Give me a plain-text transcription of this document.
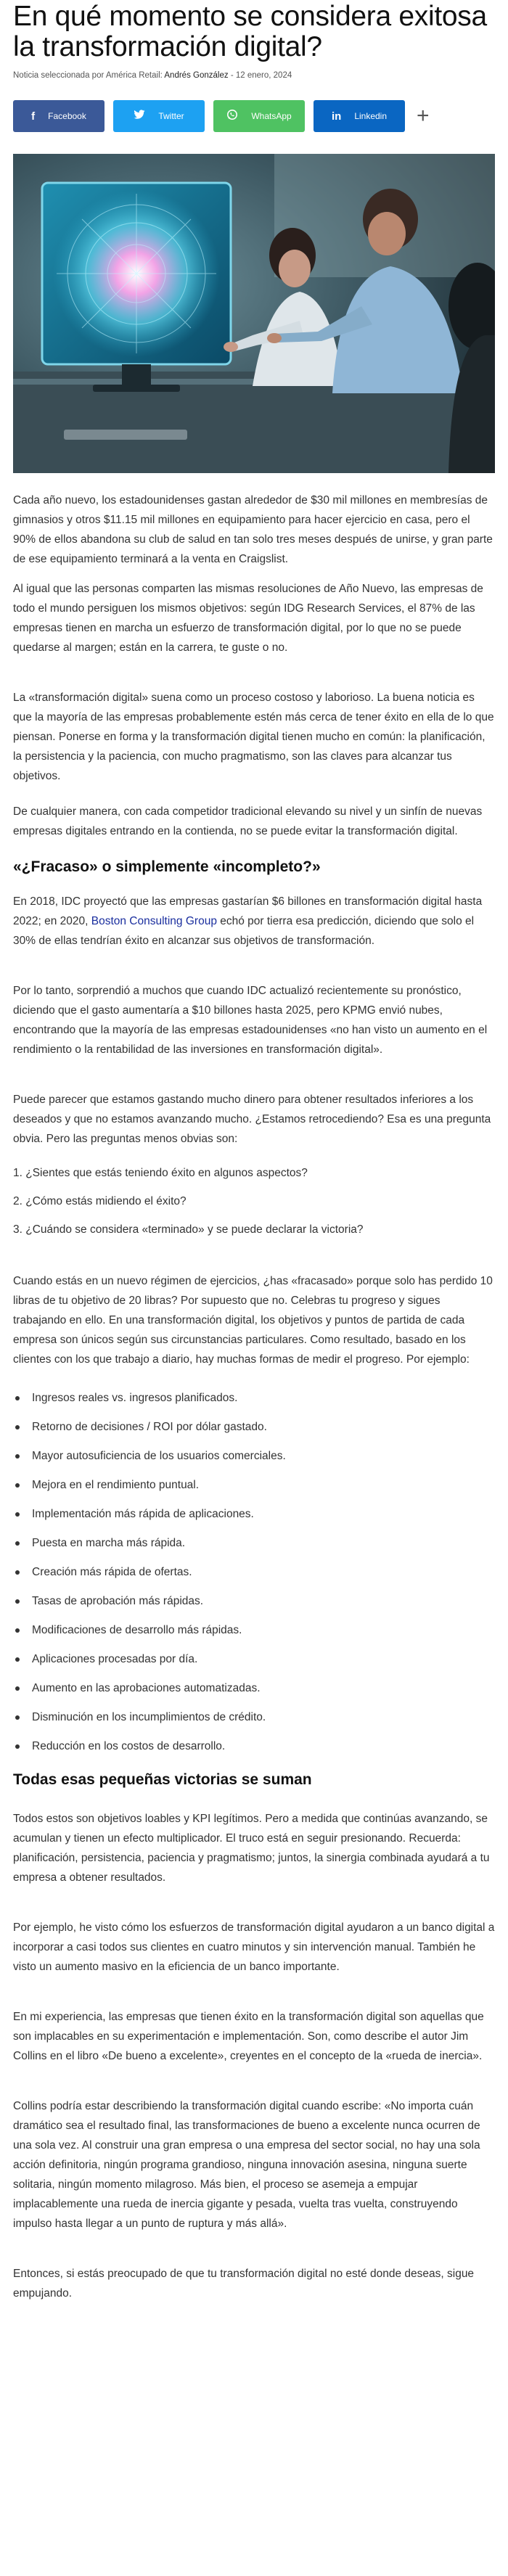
En qué momento se considera exitosa la transformación digital?
Noticia seleccionada por América Retail: Andrés González - 12 enero, 2024
f Facebook	Twitter	WhatsApp	in Linkedin +

Cada año nuevo, los estadounidenses gastan alrededor de $30 mil millones en membresías de gimnasios y otros $11.15 mil millones en equipamiento para hacer ejercicio en casa, pero el 90% de ellos abandona su club de salud en tan solo tres meses después de unirse, y gran parte de ese equipamiento terminará a la venta en Craigslist.

Al igual que las personas comparten las mismas resoluciones de Año Nuevo, las empresas de todo el mundo persiguen los mismos objetivos: según IDG Research Services, el 87% de las empresas tienen en marcha un esfuerzo de transformación digital, por lo que no se puede quedarse al margen; están en la carrera, te guste o no.

La «transformación digital» suena como un proceso costoso y laborioso. La buena noticia es que la mayoría de las empresas probablemente estén más cerca de tener éxito en ella de lo que piensan. Ponerse en forma y la transformación digital tienen mucho en común: la planificación, la persistencia y la paciencia, con mucho pragmatismo, son las claves para alcanzar tus objetivos.

De cualquier manera, con cada competidor tradicional elevando su nivel y un sinfín de nuevas empresas digitales entrando en la contienda, no se puede evitar la transformación digital.

«¿Fracaso» o simplemente «incompleto?»

En 2018, IDC proyectó que las empresas gastarían $6 billones en transformación digital hasta 2022; en 2020, Boston Consulting Group echó por tierra esa predicción, diciendo que solo el 30% de ellas tendrían éxito en alcanzar sus objetivos de transformación.

Por lo tanto, sorprendió a muchos que cuando IDC actualizó recientemente su pronóstico, diciendo que el gasto aumentaría a $10 billones hasta 2025, pero KPMG envió nubes, encontrando que la mayoría de las empresas estadounidenses «no han visto un aumento en el rendimiento o la rentabilidad de las inversiones en transformación digital».

Puede parecer que estamos gastando mucho dinero para obtener resultados inferiores a los deseados y que no estamos avanzando mucho. ¿Estamos retrocediendo? Esa es una pregunta obvia. Pero las preguntas menos obvias son:

1. ¿Sientes que estás teniendo éxito en algunos aspectos?

2. ¿Cómo estás midiendo el éxito?

3. ¿Cuándo se considera «terminado» y se puede declarar la victoria?

Cuando estás en un nuevo régimen de ejercicios, ¿has «fracasado» porque solo has perdido 10 libras de tu objetivo de 20 libras? Por supuesto que no. Celebras tu progreso y sigues trabajando en ello. En una transformación digital, los objetivos y puntos de partida de cada empresa son únicos según sus circunstancias particulares. Como resultado, basado en los clientes con los que trabajo a diario, hay muchas formas de medir el progreso. Por ejemplo:

Ingresos reales vs. ingresos planificados.
Retorno de decisiones / ROI por dólar gastado.
Mayor autosuficiencia de los usuarios comerciales.
Mejora en el rendimiento puntual.
Implementación más rápida de aplicaciones.
Puesta en marcha más rápida.
Creación más rápida de ofertas.
Tasas de aprobación más rápidas.
Modificaciones de desarrollo más rápidas.
Aplicaciones procesadas por día.
Aumento en las aprobaciones automatizadas.
Disminución en los incumplimientos de crédito.
Reducción en los costos de desarrollo.
Todas esas pequeñas victorias se suman

Todos estos son objetivos loables y KPI legítimos. Pero a medida que continúas avanzando, se acumulan y tienen un efecto multiplicador. El truco está en seguir presionando. Recuerda: planificación, persistencia, paciencia y pragmatismo; juntos, la sinergia combinada ayudará a tu empresa a obtener resultados.

Por ejemplo, he visto cómo los esfuerzos de transformación digital ayudaron a un banco digital a incorporar a casi todos sus clientes en cuatro minutos y sin intervención manual. También he visto un aumento masivo en la eficiencia de un banco importante.

En mi experiencia, las empresas que tienen éxito en la transformación digital son aquellas que son implacables en su experimentación e implementación. Son, como describe el autor Jim Collins en el libro «De bueno a excelente», creyentes en el concepto de la «rueda de inercia».

Collins podría estar describiendo la transformación digital cuando escribe: «No importa cuán dramático sea el resultado final, las transformaciones de bueno a excelente nunca ocurren de una sola vez. Al construir una gran empresa o una empresa del sector social, no hay una sola acción definitoria, ningún programa grandioso, ninguna innovación asesina, ninguna suerte solitaria, ningún momento milagroso. Más bien, el proceso se asemeja a empujar implacablemente una rueda de inercia gigante y pesada, vuelta tras vuelta, construyendo impulso hasta llegar a un punto de ruptura y más allá».

Entonces, si estás preocupado de que tu transformación digital no esté donde deseas, sigue empujando.
